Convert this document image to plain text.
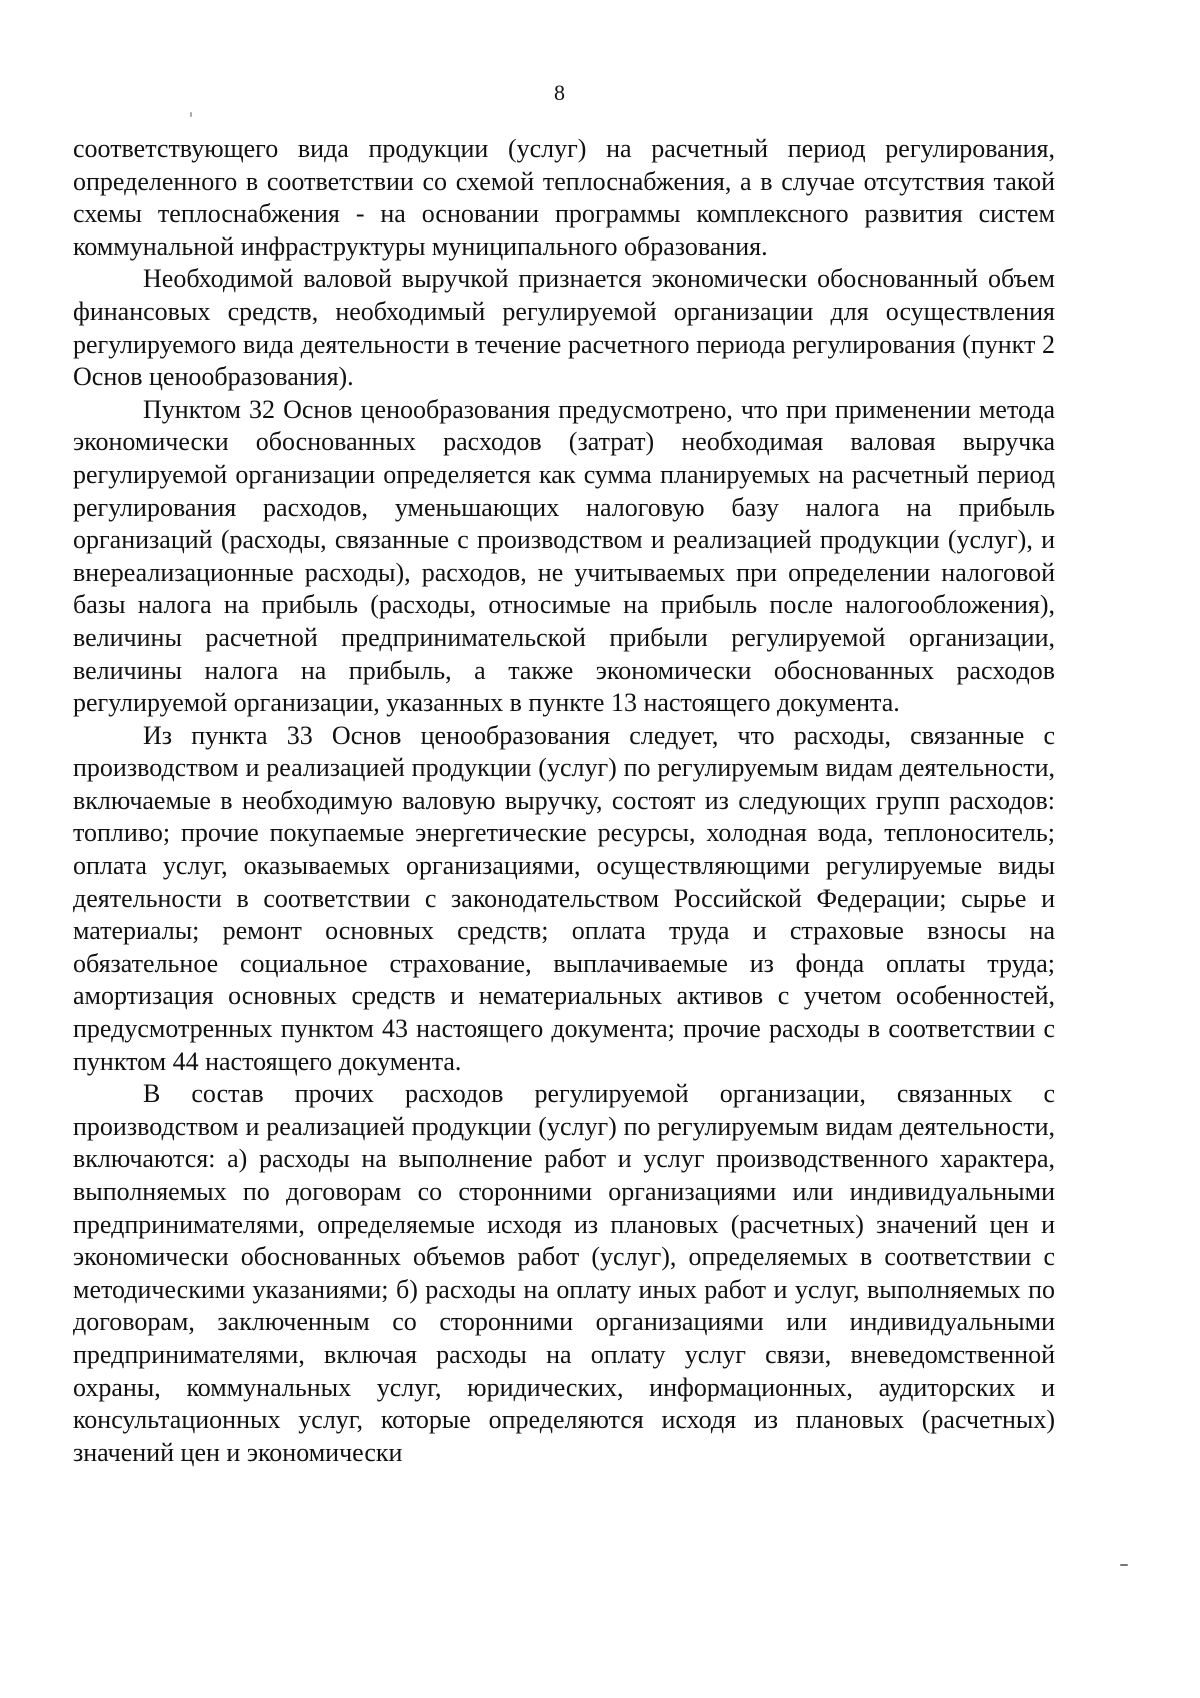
8

соответствующего вида продукции (услуг) на расчетный период регулирования, определенного в соответствии со схемой теплоснабжения, а в случае отсутствия такой схемы теплоснабжения - на основании программы комплексного развития систем коммунальной инфраструктуры муниципального образования.

Необходимой валовой выручкой признается экономически обоснованный объем финансовых средств, необходимый регулируемой организации для осуществления регулируемого вида деятельности в течение расчетного периода регулирования (пункт 2 Основ ценообразования).

Пунктом 32 Основ ценообразования предусмотрено, что при применении метода экономически обоснованных расходов (затрат) необходимая валовая выручка регулируемой организации определяется как сумма планируемых на расчетный период регулирования расходов, уменьшающих налоговую базу налога на прибыль организаций (расходы, связанные с производством и реализацией продукции (услуг), и внереализационные расходы), расходов, не учитываемых при определении налоговой базы налога на прибыль (расходы, относимые на прибыль после налогообложения), величины расчетной предпринимательской прибыли регулируемой организации, величины налога на прибыль, а также экономически обоснованных расходов регулируемой организации, указанных в пункте 13 настоящего документа.

Из пункта 33 Основ ценообразования следует, что расходы, связанные с производством и реализацией продукции (услуг) по регулируемым видам деятельности, включаемые в необходимую валовую выручку, состоят из следующих групп расходов: топливо; прочие покупаемые энергетические ресурсы, холодная вода, теплоноситель; оплата услуг, оказываемых организациями, осуществляющими регулируемые виды деятельности в соответствии с законодательством Российской Федерации; сырье и материалы; ремонт основных средств; оплата труда и страховые взносы на обязательное социальное страхование, выплачиваемые из фонда оплаты труда; амортизация основных средств и нематериальных активов с учетом особенностей, предусмотренных пунктом 43 настоящего документа; прочие расходы в соответствии с пунктом 44 настоящего документа.

В состав прочих расходов регулируемой организации, связанных с производством и реализацией продукции (услуг) по регулируемым видам деятельности, включаются: а) расходы на выполнение работ и услуг производственного характера, выполняемых по договорам со сторонними организациями или индивидуальными предпринимателями, определяемые исходя из плановых (расчетных) значений цен и экономически обоснованных объемов работ (услуг), определяемых в соответствии с методическими указаниями; б) расходы на оплату иных работ и услуг, выполняемых по договорам, заключенным со сторонними организациями или индивидуальными предпринимателями, включая расходы на оплату услуг связи, вневедомственной охраны, коммунальных услуг, юридических, информационных, аудиторских и консультационных услуг, которые определяются исходя из плановых (расчетных) значений цен и экономически
